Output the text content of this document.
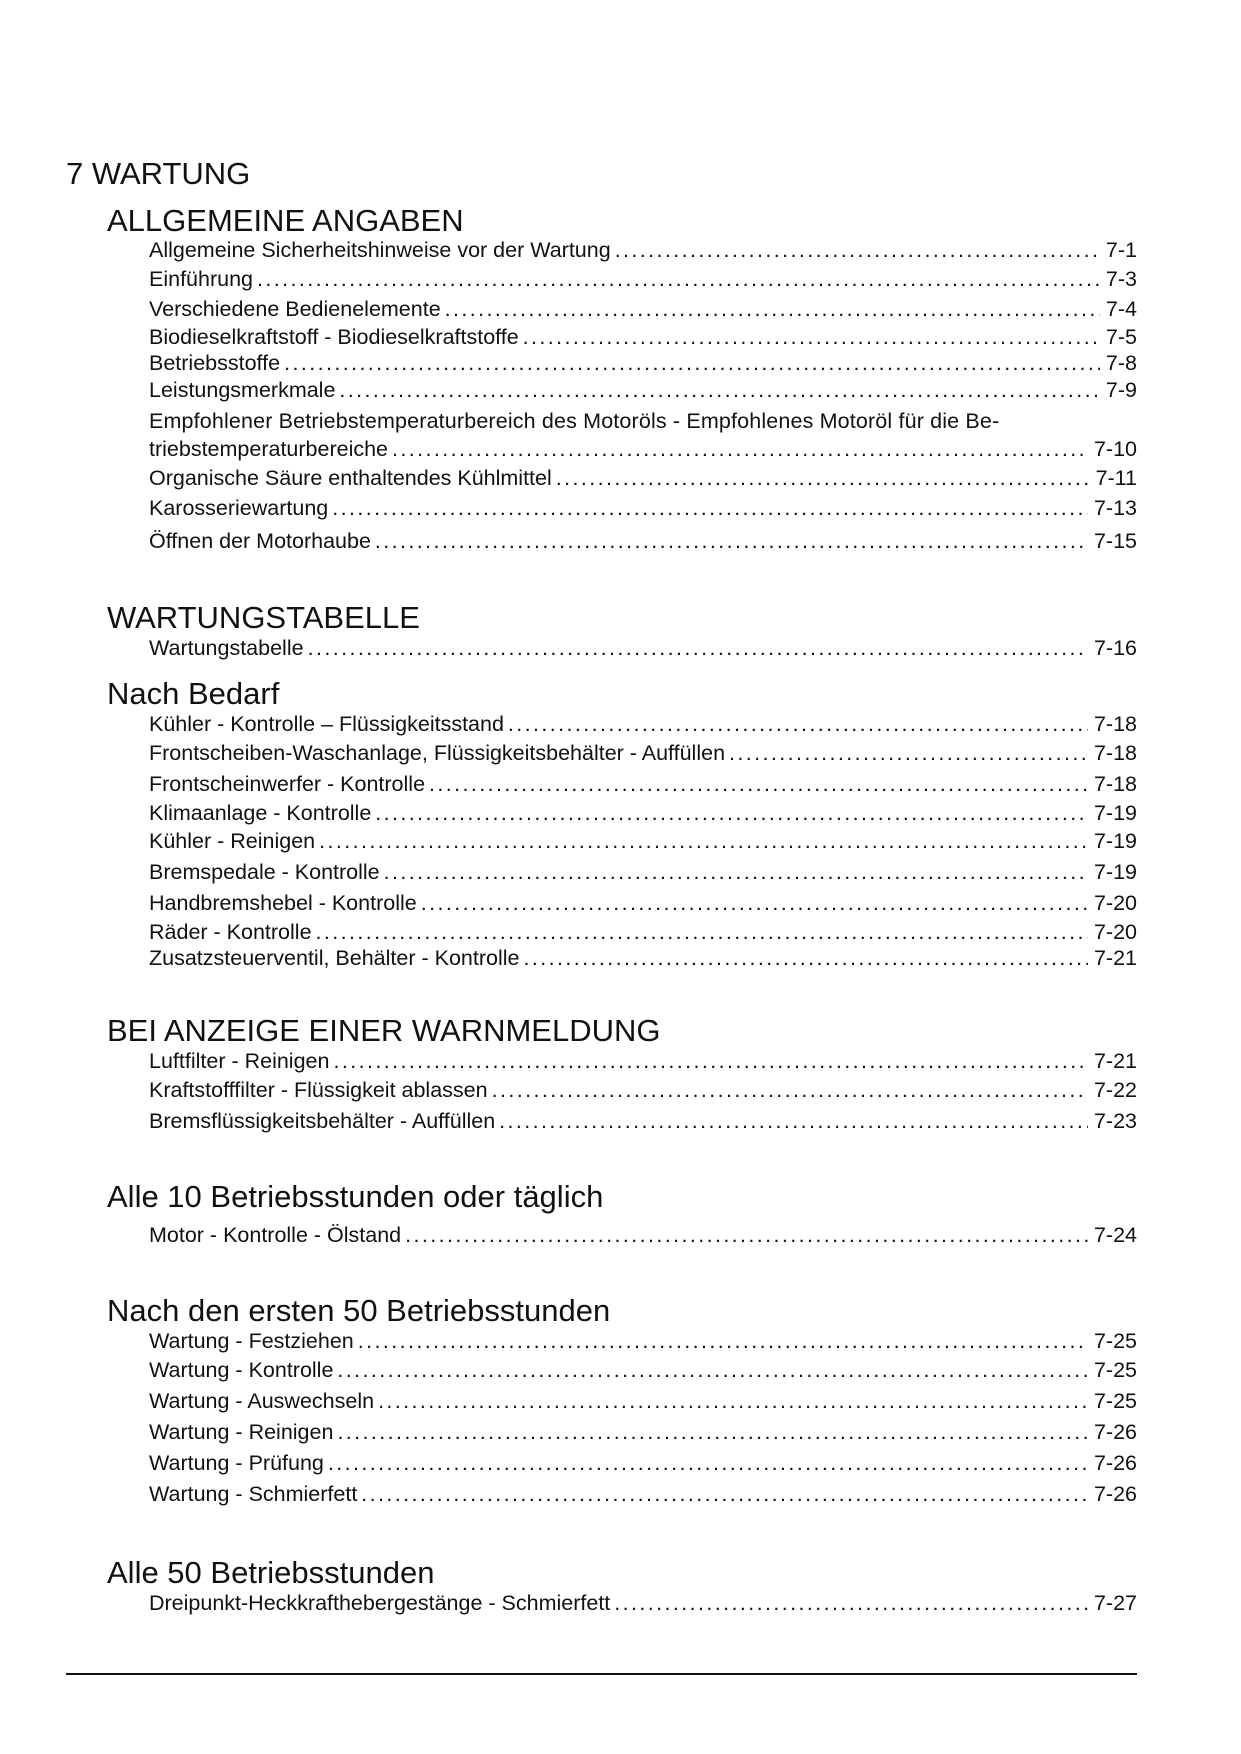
7 WARTUNG
ALLGEMEINE ANGABEN
Allgemeine Sicherheitshinweise vor der Wartung .....	7-1
Einführung .....	7-3
Verschiedene Bedienelemente .....	7-4
Biodieselkraftstoff - Biodieselkraftstoffe .....	7-5
Betriebsstoffe .....	7-8
Leistungsmerkmale .....	7-9
Empfohlener Betriebstemperaturbereich des Motoröls - Empfohlenes Motoröl für die Be-
triebstemperaturbereiche .....	7-10
Organische Säure enthaltendes Kühlmittel .....	7-11
Karosseriewartung .....	7-13
Öffnen der Motorhaube .....	7-15
WARTUNGSTABELLE
Wartungstabelle .....	7-16
Nach Bedarf
Kühler - Kontrolle – Flüssigkeitsstand .....	7-18
Frontscheiben-Waschanlage, Flüssigkeitsbehälter - Auffüllen .....	7-18
Frontscheinwerfer - Kontrolle .....	7-18
Klimaanlage - Kontrolle .....	7-19
Kühler - Reinigen .....	7-19
Bremspedale - Kontrolle .....	7-19
Handbremshebel - Kontrolle .....	7-20
Räder - Kontrolle .....	7-20
Zusatzsteuerventil, Behälter - Kontrolle .....	7-21
BEI ANZEIGE EINER WARNMELDUNG
Luftfilter - Reinigen .....	7-21
Kraftstofffilter - Flüssigkeit ablassen .....	7-22
Bremsflüssigkeitsbehälter - Auffüllen .....	7-23
Alle 10 Betriebsstunden oder täglich
Motor - Kontrolle - Ölstand .....	7-24
Nach den ersten 50 Betriebsstunden
Wartung - Festziehen .....	7-25
Wartung - Kontrolle .....	7-25
Wartung - Auswechseln .....	7-25
Wartung - Reinigen .....	7-26
Wartung - Prüfung .....	7-26
Wartung - Schmierfett .....	7-26
Alle 50 Betriebsstunden
Dreipunkt-Heckkrafthebergestänge - Schmierfett .....	7-27
